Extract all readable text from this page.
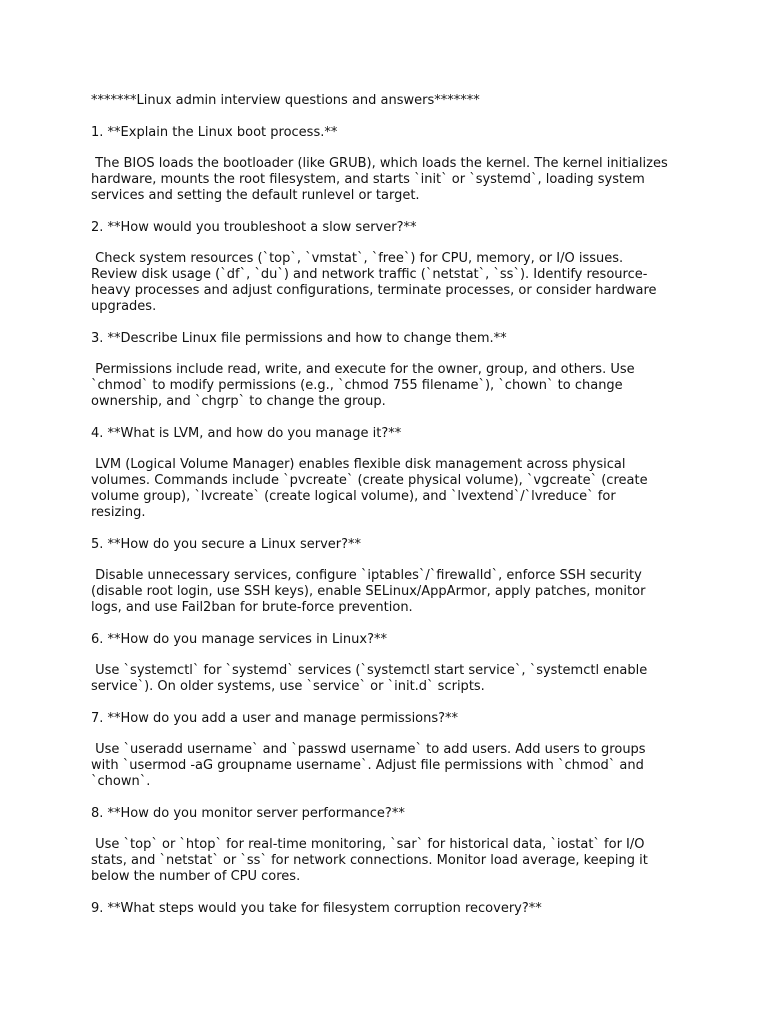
*******Linux admin interview questions and answers*******
1. **Explain the Linux boot process.**
The BIOS loads the bootloader (like GRUB), which loads the kernel. The kernel initializes
hardware, mounts the root filesystem, and starts `init` or `systemd`, loading system
services and setting the default runlevel or target.
2. **How would you troubleshoot a slow server?**
Check system resources (`top`, `vmstat`, `free`) for CPU, memory, or I/O issues.
Review disk usage (`df`, `du`) and network traffic (`netstat`, `ss`). Identify resource-
heavy processes and adjust configurations, terminate processes, or consider hardware
upgrades.
3. **Describe Linux file permissions and how to change them.**
Permissions include read, write, and execute for the owner, group, and others. Use
`chmod` to modify permissions (e.g., `chmod 755 filename`), `chown` to change
ownership, and `chgrp` to change the group.
4. **What is LVM, and how do you manage it?**
LVM (Logical Volume Manager) enables flexible disk management across physical
volumes. Commands include `pvcreate` (create physical volume), `vgcreate` (create
volume group), `lvcreate` (create logical volume), and `lvextend`/`lvreduce` for
resizing.
5. **How do you secure a Linux server?**
Disable unnecessary services, configure `iptables`/`firewalld`, enforce SSH security
(disable root login, use SSH keys), enable SELinux/AppArmor, apply patches, monitor
logs, and use Fail2ban for brute-force prevention.
6. **How do you manage services in Linux?**
Use `systemctl` for `systemd` services (`systemctl start service`, `systemctl enable
service`). On older systems, use `service` or `init.d` scripts.
7. **How do you add a user and manage permissions?**
Use `useradd username` and `passwd username` to add users. Add users to groups
with `usermod -aG groupname username`. Adjust file permissions with `chmod` and
`chown`.
8. **How do you monitor server performance?**
Use `top` or `htop` for real-time monitoring, `sar` for historical data, `iostat` for I/O
stats, and `netstat` or `ss` for network connections. Monitor load average, keeping it
below the number of CPU cores.
9. **What steps would you take for filesystem corruption recovery?**
